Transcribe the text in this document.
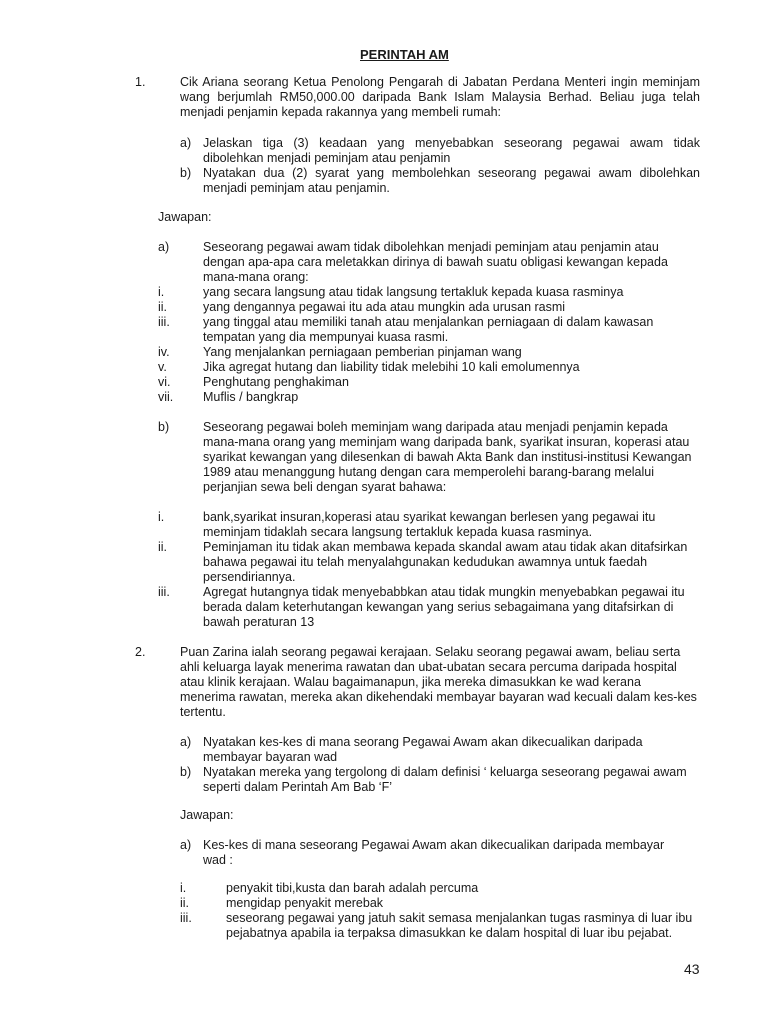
PERINTAH AM
1.	Cik Ariana seorang Ketua Penolong Pengarah di Jabatan Perdana Menteri ingin meminjam
wang berjumlah RM50,000.00 daripada Bank Islam Malaysia Berhad. Beliau juga telah
menjadi penjamin kepada rakannya yang membeli rumah:
a) Jelaskan tiga (3) keadaan yang menyebabkan seseorang pegawai awam tidak
dibolehkan menjadi peminjam atau penjamin
b) Nyatakan dua (2) syarat yang membolehkan seseorang pegawai awam dibolehkan
menjadi peminjam atau penjamin.
Jawapan:
a)	Seseorang pegawai awam tidak dibolehkan menjadi peminjam atau penjamin atau
dengan apa-apa cara meletakkan dirinya di bawah suatu obligasi kewangan kepada
mana-mana orang:
i.	yang secara langsung atau tidak langsung tertakluk kepada kuasa rasminya
ii.	yang dengannya pegawai itu ada atau mungkin ada urusan rasmi
iii.	yang tinggal atau memiliki tanah atau menjalankan perniagaan di dalam kawasan
tempatan yang dia mempunyai kuasa rasmi.
iv.	Yang menjalankan perniagaan pemberian pinjaman wang
v.	Jika agregat hutang dan liability tidak melebihi 10 kali emolumennya
vi.	Penghutang penghakiman
vii. Muflis / bangkrap
b)	Seseorang pegawai boleh meminjam wang daripada atau menjadi penjamin kepada
mana-mana orang yang meminjam wang daripada bank, syarikat insuran, koperasi atau
syarikat kewangan yang dilesenkan di bawah Akta Bank dan institusi-institusi Kewangan
1989 atau menanggung hutang dengan cara memperolehi barang-barang melalui
perjanjian sewa beli dengan syarat bahawa:
i.	bank,syarikat insuran,koperasi atau syarikat kewangan berlesen yang pegawai itu
meminjam tidaklah secara langsung tertakluk kepada kuasa rasminya.
ii.	Peminjaman itu tidak akan membawa kepada skandal awam atau tidak akan ditafsirkan
bahawa pegawai itu telah menyalahgunakan kedudukan awamnya untuk faedah
persendiriannya.
iii.	Agregat hutangnya tidak menyebabbkan atau tidak mungkin menyebabkan pegawai itu
berada dalam keterhutangan kewangan yang serius sebagaimana yang ditafsirkan di
bawah peraturan 13
2.	Puan Zarina ialah seorang pegawai kerajaan. Selaku seorang pegawai awam, beliau serta
ahli keluarga layak menerima rawatan dan ubat-ubatan secara percuma daripada hospital
atau klinik kerajaan. Walau bagaimanapun, jika mereka dimasukkan ke wad kerana
menerima rawatan, mereka akan dikehendaki membayar bayaran wad kecuali dalam kes-kes
tertentu.
a) Nyatakan kes-kes di mana seorang Pegawai Awam akan dikecualikan daripada
membayar bayaran wad
b) Nyatakan mereka yang tergolong di dalam definisi ‘ keluarga seseorang pegawai awam
seperti dalam Perintah Am Bab ‘F’
Jawapan:
a) Kes-kes di mana seseorang Pegawai Awam akan dikecualikan daripada membayar
wad :
i.	penyakit tibi,kusta dan barah adalah percuma
ii.	mengidap penyakit merebak
iii.	seseorang pegawai yang jatuh sakit semasa menjalankan tugas rasminya di luar ibu
pejabatnya apabila ia terpaksa dimasukkan ke dalam hospital di luar ibu pejabat.
43
